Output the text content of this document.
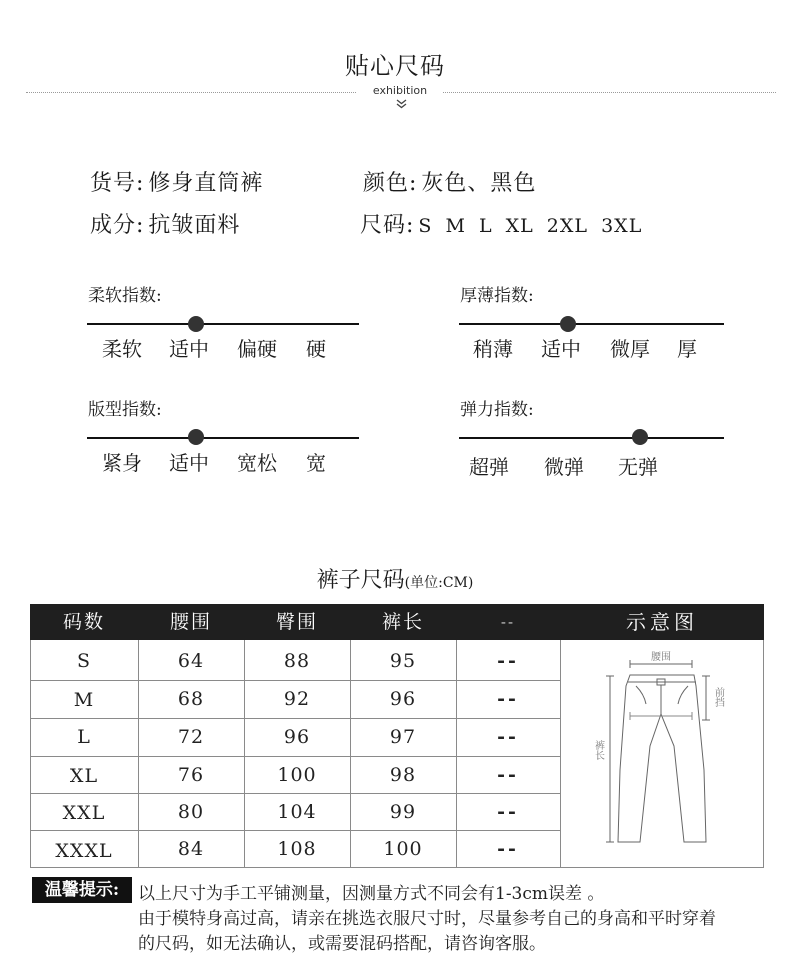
贴心尺码
exhibition
货号: 修身直筒裤	颜色: 灰色、黑色
成分: 抗皱面料	尺码: S M L XL 2XL 3XL
柔软指数:
柔软 适中 偏硬 硬
厚薄指数:
稍薄 适中 微厚 厚
版型指数:
紧身 适中 宽松 宽
弹力指数:
超弹 微弹 无弹
裤子尺码(单位:CM)
码数	腰围	臀围	裤长	--	示意图
S	64	88	95	--
M	68	92	96	--
L	72	96	97	--
XL	76	100	98	--
XXL	80	104	99	--
XXXL	84	108	100	--
腰围
前挡
裤长
温馨提示:	以上尺寸为手工平铺测量，因测量方式不同会有1-3cm误差 。
由于模特身高过高，请亲在挑选衣服尺寸时，尽量参考自己的身高和平时穿着
的尺码，如无法确认，或需要混码搭配，请咨询客服。
